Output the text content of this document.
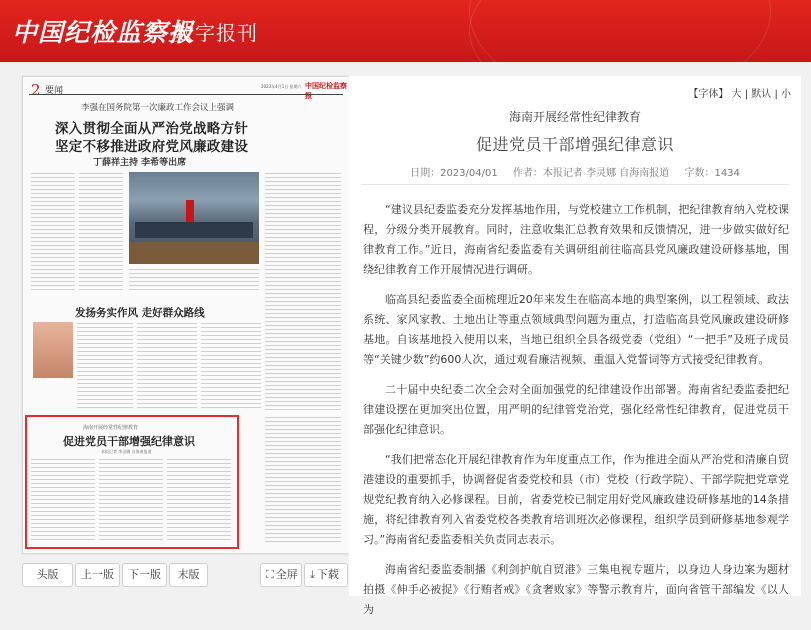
中国纪检监察报
数字报刊
2 要闻	2023年4月1日 星期六 中国纪检监察报
李强在国务院第一次廉政工作会议上强调
深入贯彻全面从严治党战略方针
坚定不移推进政府党风廉政建设
丁薛祥主持 李希等出席
发扬务实作风 走好群众路线
海南开展经常性纪律教育
促进党员干部增强纪律意识
本报记者 李灵娜 自海南报道
头版	上一版	下一版	末版	⛶ 全屏	⤓ 下载
【字体】 大 | 默认 | 小
海南开展经常性纪律教育
促进党员干部增强纪律意识
日期：2023/04/01 作者：本报记者 李灵娜 自海南报道 字数：1434

“建议县纪委监委充分发挥基地作用，与党校建立工作机制，把纪律教育纳入党校课程，分级分类开展教育。同时，注意收集汇总教育效果和反馈情况，进一步做实做好纪律教育工作。”近日，海南省纪委监委有关调研组前往临高县党风廉政建设研修基地，围绕纪律教育工作开展情况进行调研。

临高县纪委监委全面梳理近20年来发生在临高本地的典型案例，以工程领域、政法系统、家风家教、土地出让等重点领域典型问题为重点，打造临高县党风廉政建设研修基地。自该基地投入使用以来，当地已组织全县各级党委（党组）“一把手”及班子成员等“关键少数”约600人次，通过观看廉洁视频、重温入党誓词等方式接受纪律教育。

二十届中央纪委二次全会对全面加强党的纪律建设作出部署。海南省纪委监委把纪律建设摆在更加突出位置，用严明的纪律管党治党，强化经常性纪律教育，促进党员干部强化纪律意识。

“我们把常态化开展纪律教育作为年度重点工作，作为推进全面从严治党和清廉自贸港建设的重要抓手，协调督促省委党校和县（市）党校（行政学院）、干部学院把党章党规党纪教育纳入必修课程。目前，省委党校已制定用好党风廉政建设研修基地的14条措施，将纪律教育列入省委党校各类教育培训班次必修课程，组织学员到研修基地参观学习。”海南省纪委监委相关负责同志表示。

海南省纪委监委制播《利剑护航自贸港》三集电视专题片，以身边人身边案为题材拍摄《伸手必被捉》《行贿者戒》《贪奢败家》等警示教育片，面向省管干部编发《以人为
